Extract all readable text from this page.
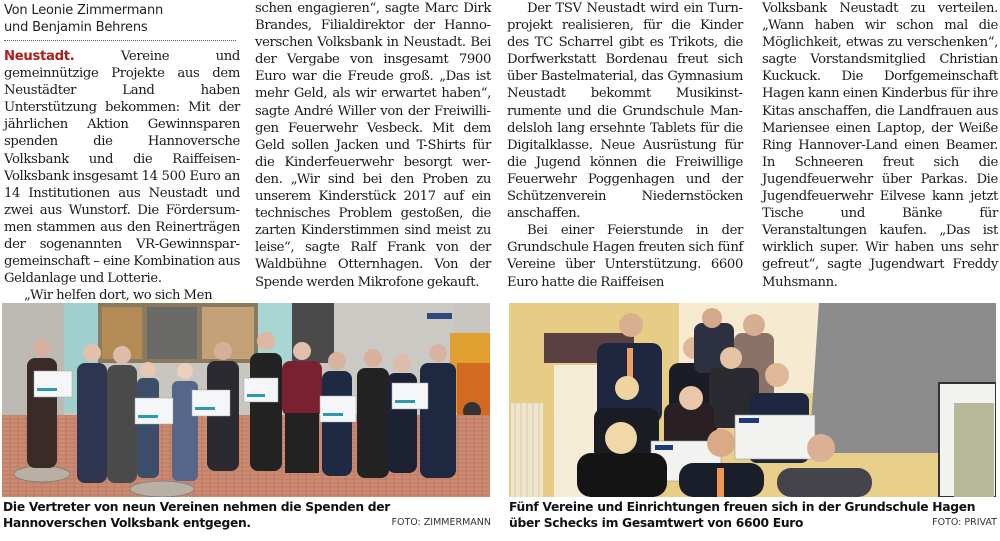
Von Leonie Zimmermann
und Benjamin Behrens

Neustadt.	Vereine und gemeinnützige Projekte aus dem Neustädter Land haben Unterstützung bekommen: Mit der jährlichen Aktion Gewinnsparen spenden die Hannoversche Volksbank und die Raiffeisen-Volksbank insgesamt 14 500 Euro an 14 Institutionen aus Neustadt und zwei aus Wunstorf. Die Fördersummen stammen aus den Reinerträgen der sogenannten VR-Gewinnspargemeinschaft – eine Kombination aus Geldanlage und Lotterie.

„Wir helfen dort, wo sich Men

schen engagieren“, sagte Marc Dirk Brandes, Filialdirektor der Hannoverschen Volksbank in Neustadt. Bei der Vergabe von insgesamt 7900 Euro war die Freude groß. „Das ist mehr Geld, als wir erwartet haben“, sagte André Willer von der Freiwilligen Feuerwehr Vesbeck. Mit dem Geld sollen Jacken und T-Shirts für die Kinderfeuerwehr besorgt werden. „Wir sind bei den Proben zu unserem Kinderstück 2017 auf ein technisches Problem gestoßen, die zarten Kinderstimmen sind meist zu leise“, sagte Ralf Frank von der Waldbühne Otternhagen. Von der Spende werden Mikrofone gekauft.

Der TSV Neustadt wird ein Turnprojekt realisieren, für die Kinder des TC Scharrel gibt es Trikots, die Dorfwerkstatt Bordenau freut sich über Bastelmaterial, das Gymnasium Neustadt bekommt Musikinstrumente und die Grundschule Mandelsloh lang ersehnte Tablets für die Digitalklasse. Neue Ausrüstung für die Jugend können die Freiwillige Feuerwehr Poggenhagen und der Schützenverein Niedernstöcken anschaffen.

Bei einer Feierstunde in der Grundschule Hagen freuten sich fünf Vereine über Unterstützung. 6600 Euro hatte die Raiffeisen

Volksbank Neustadt zu verteilen. „Wann haben wir schon mal die Möglichkeit, etwas zu verschenken“, sagte Vorstandsmitglied Christian Kuckuck. Die Dorfgemeinschaft Hagen kann einen Kinderbus für ihre Kitas anschaffen, die Landfrauen aus Mariensee einen Laptop, der Weiße Ring Hannover-Land einen Beamer. In Schneeren freut sich die Jugendfeuerwehr über Parkas. Die Jugendfeuerwehr Eilvese kann jetzt Tische und Bänke für Veranstaltungen kaufen. „Das ist wirklich super. Wir haben uns sehr gefreut“, sagte Jugendwart Freddy Muhsmann.

Die Vertreter von neun Vereinen nehmen die Spenden der Hannoverschen Volksbank entgegen.	FOTO: ZIMMERMANN
Fünf Vereine und Einrichtungen freuen sich in der Grundschule Hagen über Schecks im Gesamtwert von 6600 Euro	FOTO: PRIVAT
